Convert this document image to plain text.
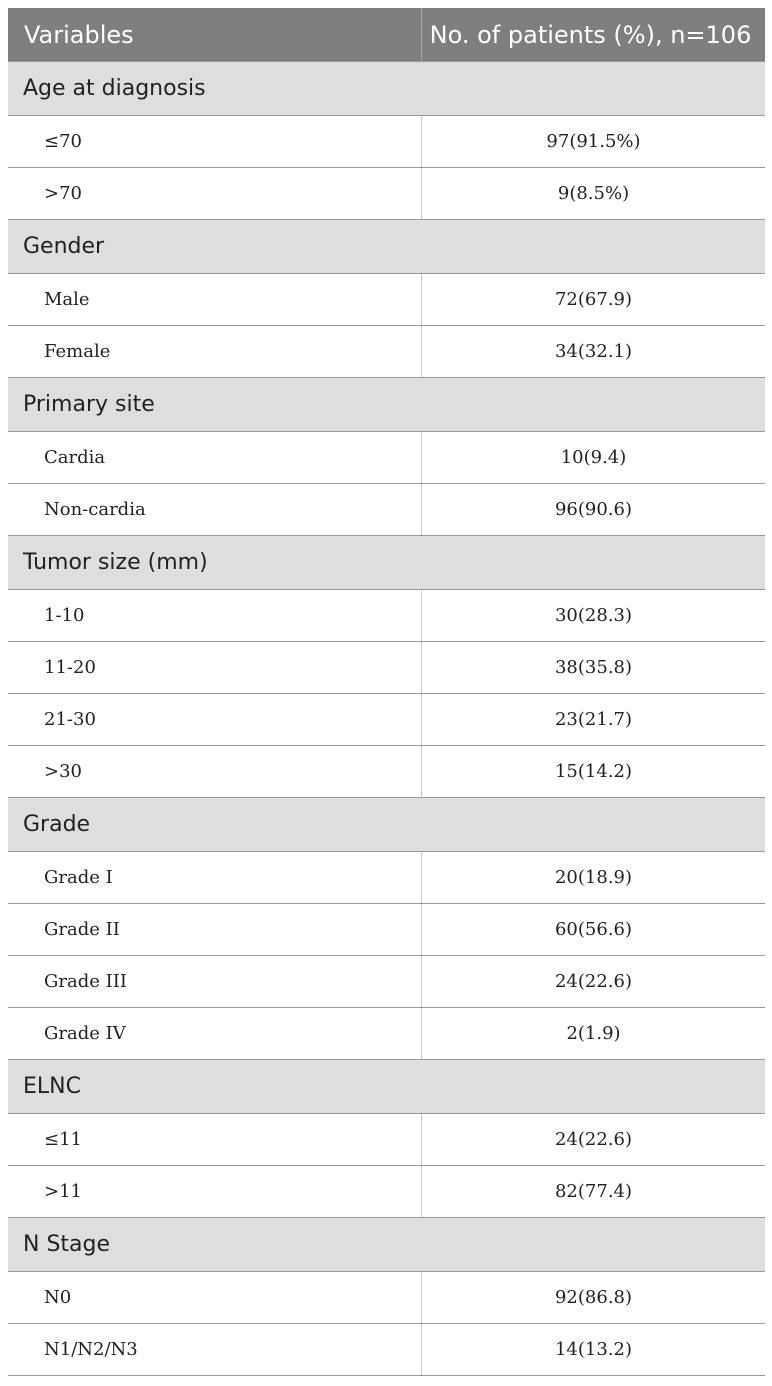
Variables	No. of patients (%), n=106
Age at diagnosis
≤70	97(91.5%)
>70	9(8.5%)
Gender
Male	72(67.9)
Female	34(32.1)
Primary site
Cardia	10(9.4)
Non-cardia	96(90.6)
Tumor size (mm)
1-10	30(28.3)
11-20	38(35.8)
21-30	23(21.7)
>30	15(14.2)
Grade
Grade I	20(18.9)
Grade II	60(56.6)
Grade III	24(22.6)
Grade IV	2(1.9)
ELNC
≤11	24(22.6)
>11	82(77.4)
N Stage
N0	92(86.8)
N1/N2/N3	14(13.2)
